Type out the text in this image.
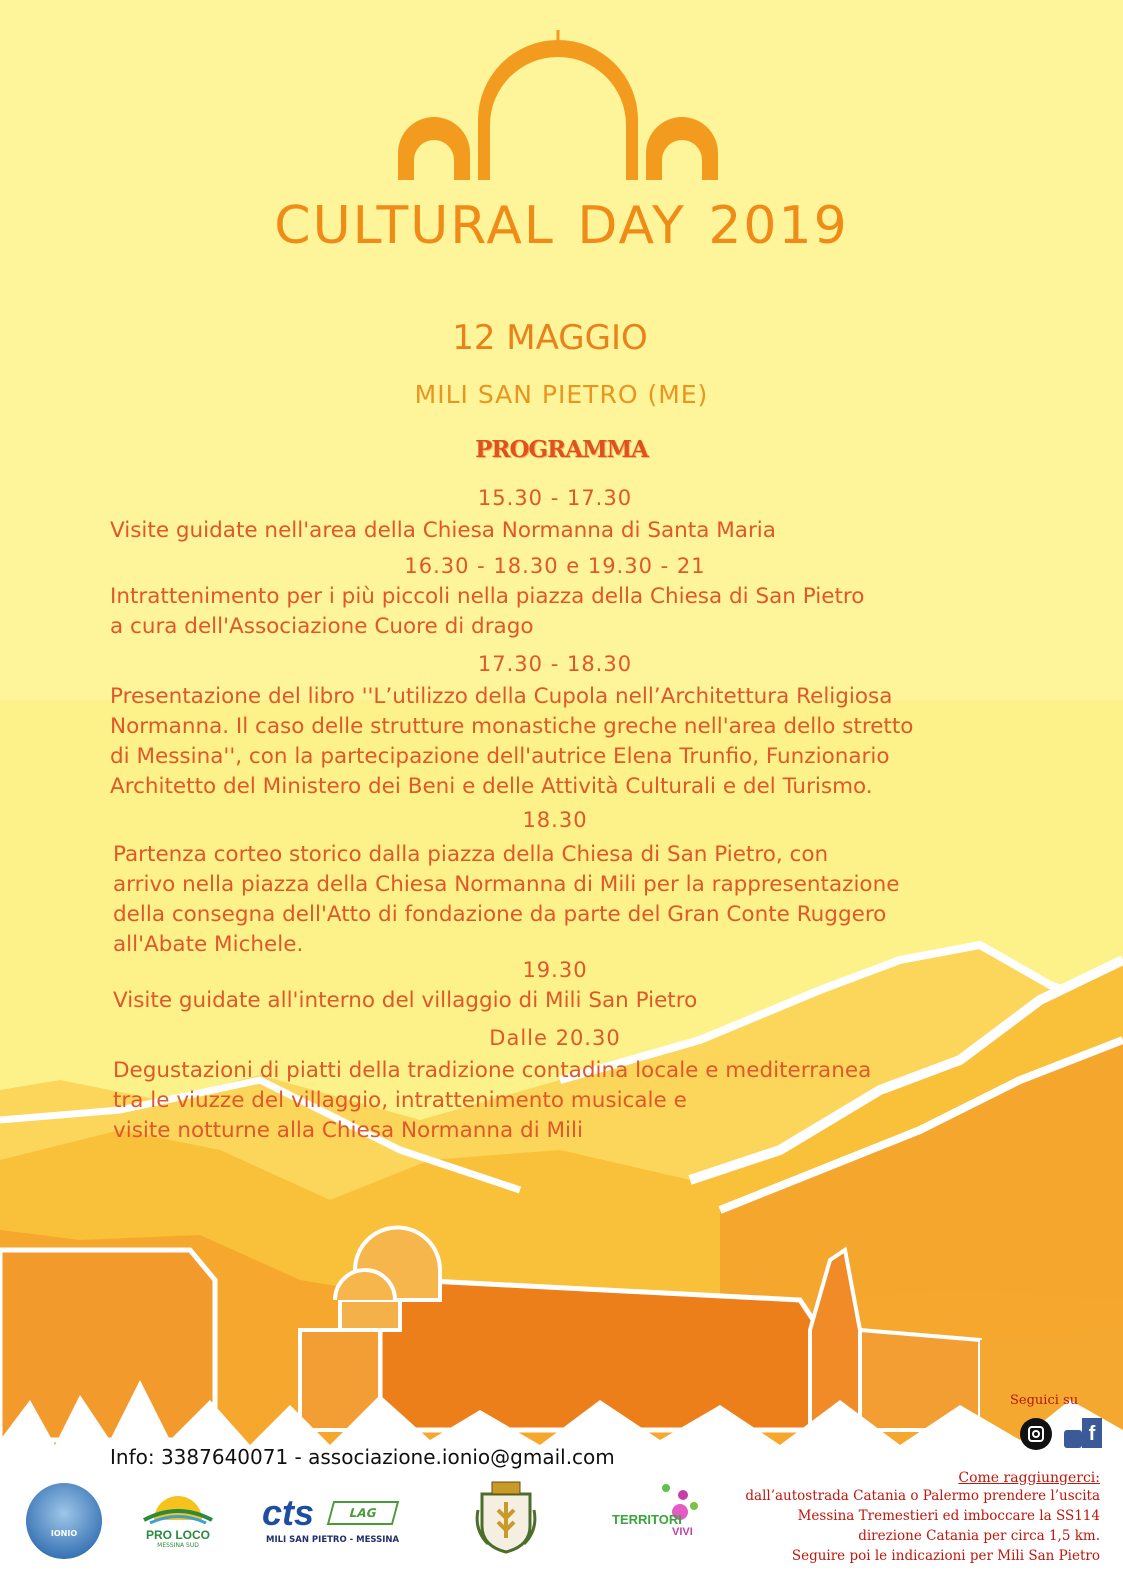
CULTURAL DAY 2019
12 MAGGIO
MILI SAN PIETRO (ME)
PROGRAMMA
15.30 - 17.30
Visite guidate nell'area della Chiesa Normanna di Santa Maria
16.30 - 18.30 e 19.30 - 21
Intrattenimento per i più piccoli nella piazza della Chiesa di San Pietro
a cura dell'Associazione Cuore di drago
17.30 - 18.30
Presentazione del libro ''L’utilizzo della Cupola nell’Architettura Religiosa
Normanna. Il caso delle strutture monastiche greche nell'area dello stretto
di Messina'', con la partecipazione dell'autrice Elena Trunfio, Funzionario
Architetto del Ministero dei Beni e delle Attività Culturali e del Turismo.
18.30
Partenza corteo storico dalla piazza della Chiesa di San Pietro, con
arrivo nella piazza della Chiesa Normanna di Mili per la rappresentazione
della consegna dell'Atto di fondazione da parte del Gran Conte Ruggero
all'Abate Michele.
19.30
Visite guidate all'interno del villaggio di Mili San Pietro
Dalle 20.30
Degustazioni di piatti della tradizione contadina locale e mediterranea
tra le viuzze del villaggio, intrattenimento musicale e
visite notturne alla Chiesa Normanna di Mili
Info: 3387640071 - associazione.ionio@gmail.com
Seguici su
f
Come raggiungerci:
dall’autostrada Catania o Palermo prendere l’uscita
Messina Tremestieri ed imboccare la SS114
direzione Catania per circa 1,5 km.
Seguire poi le indicazioni per Mili San Pietro
IONIO	PRO LOCO
MESSINA SUD
cts	LAG
MILI SAN PIETRO - MESSINA
TERRITORI
VIVI
